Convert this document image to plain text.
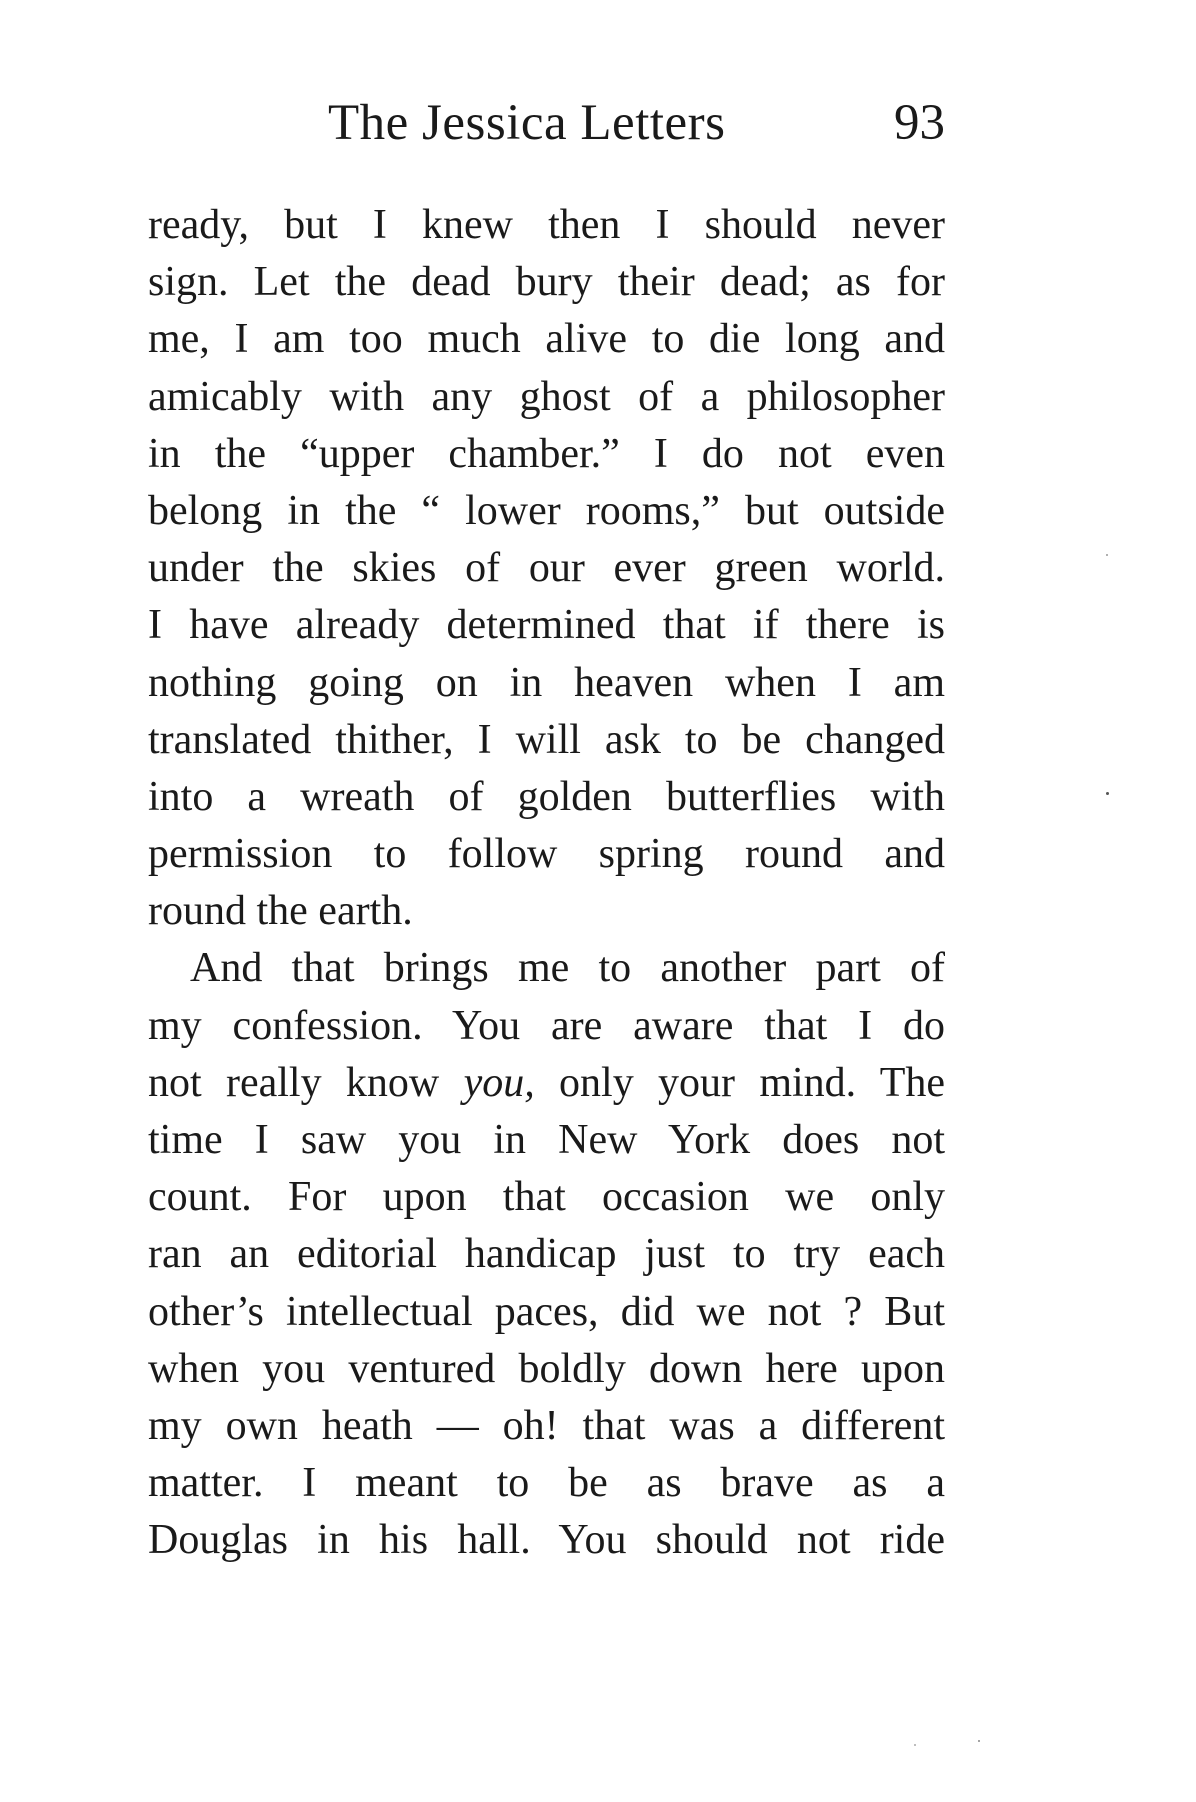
The Jessica Letters	93
ready, but I knew then I should never
sign. Let the dead bury their dead; as for
me, I am too much alive to die long and
amicably with any ghost of a philosopher
in the “upper chamber.” I do not even
belong in the “ lower rooms,” but outside
under the skies of our ever green world.
I have already determined that if there is
nothing going on in heaven when I am
translated thither, I will ask to be changed
into a wreath of golden butterflies with
permission to follow spring round and
round the earth.
And that brings me to another part of
my confession. You are aware that I do
not really know you, only your mind. The
time I saw you in New York does not
count. For upon that occasion we only
ran an editorial handicap just to try each
other’s intellectual paces, did we not ? But
when you ventured boldly down here upon
my own heath — oh! that was a different
matter. I meant to be as brave as a
Douglas in his hall. You should not ride
